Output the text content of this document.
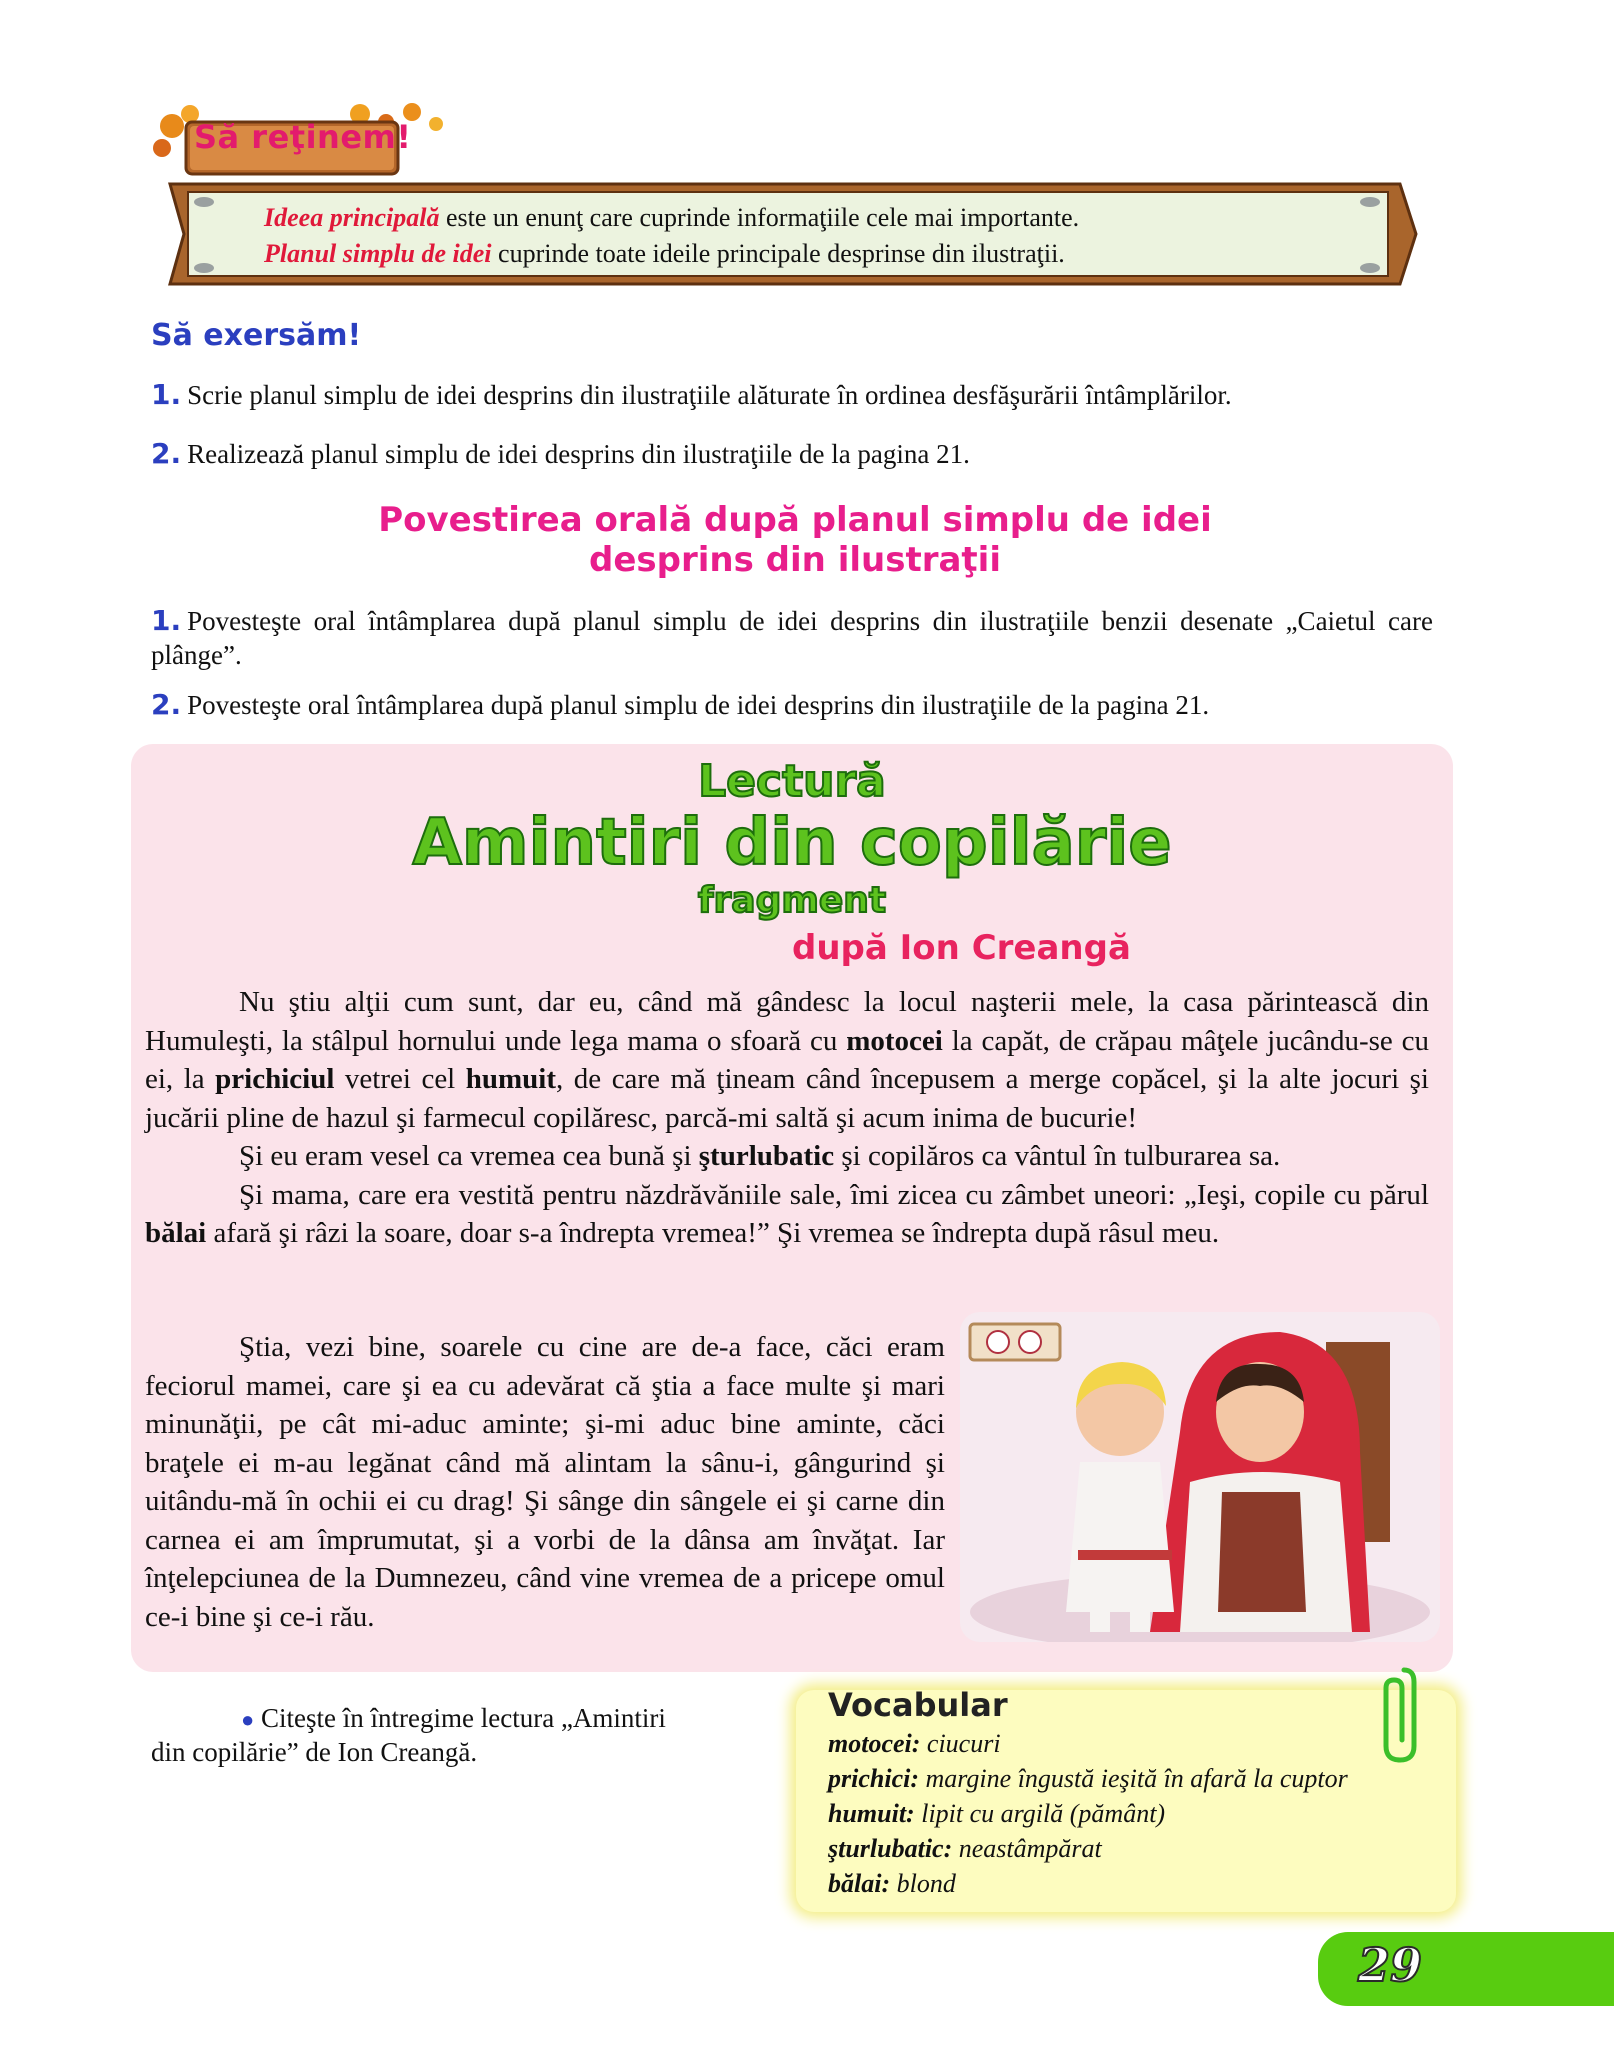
Să reţinem!
Ideea principală este un enunţ care cuprinde informaţiile cele mai importante.
Planul simplu de idei cuprinde toate ideile principale desprinse din ilustraţii.
Să exersăm!
1. Scrie planul simplu de idei desprins din ilustraţiile alăturate în ordinea desfăşurării întâmplărilor.
2. Realizează planul simplu de idei desprins din ilustraţiile de la pagina 21.
Povestirea orală după planul simplu de idei
desprins din ilustraţii
1. Povesteşte oral întâmplarea după planul simplu de idei desprins din ilustraţiile benzii desenate „Caietul care plânge”.
2. Povesteşte oral întâmplarea după planul simplu de idei desprins din ilustraţiile de la pagina 21.
Lectură
Amintiri din copilărie
fragment
după Ion Creangă

Nu ştiu alţii cum sunt, dar eu, când mă gândesc la locul naşterii mele, la casa părintească din Humuleşti, la stâlpul hornului unde lega mama o sfoară cu motocei la capăt, de crăpau mâţele jucându-se cu ei, la prichiciul vetrei cel humuit, de care mă ţineam când începusem a merge copăcel, şi la alte jocuri şi jucării pline de hazul şi farmecul copilăresc, parcă-mi saltă şi acum inima de bucurie!

Şi eu eram vesel ca vremea cea bună şi şturlubatic şi copilăros ca vântul în tulburarea sa.

Şi mama, care era vestită pentru năzdrăvăniile sale, îmi zicea cu zâmbet uneori: „Ieşi, copile cu părul bălai afară şi râzi la soare, doar s-a îndrepta vremea!” Şi vremea se îndrepta după râsul meu.

Ştia, vezi bine, soarele cu cine are de-a face, căci eram feciorul mamei, care şi ea cu adevărat că ştia a face multe şi mari minunăţii, pe cât mi-aduc aminte; şi-mi aduc bine aminte, căci braţele ei m-au legănat când mă alintam la sânu-i, gângurind şi uitându-mă în ochii ei cu drag! Şi sânge din sângele ei şi carne din carnea ei am împrumutat, şi a vorbi de la dânsa am învăţat. Iar înţelepciunea de la Dumnezeu, când vine vremea de a pricepe omul ce-i bine şi ce-i rău.

● Citeşte în întregime lectura „Amintiri din copilărie” de Ion Creangă.
Vocabular
motocei: ciucuri
prichici: margine îngustă ieşită în afară la cuptor
humuit: lipit cu argilă (pământ)
şturlubatic: neastâmpărat
bălai: blond
29
